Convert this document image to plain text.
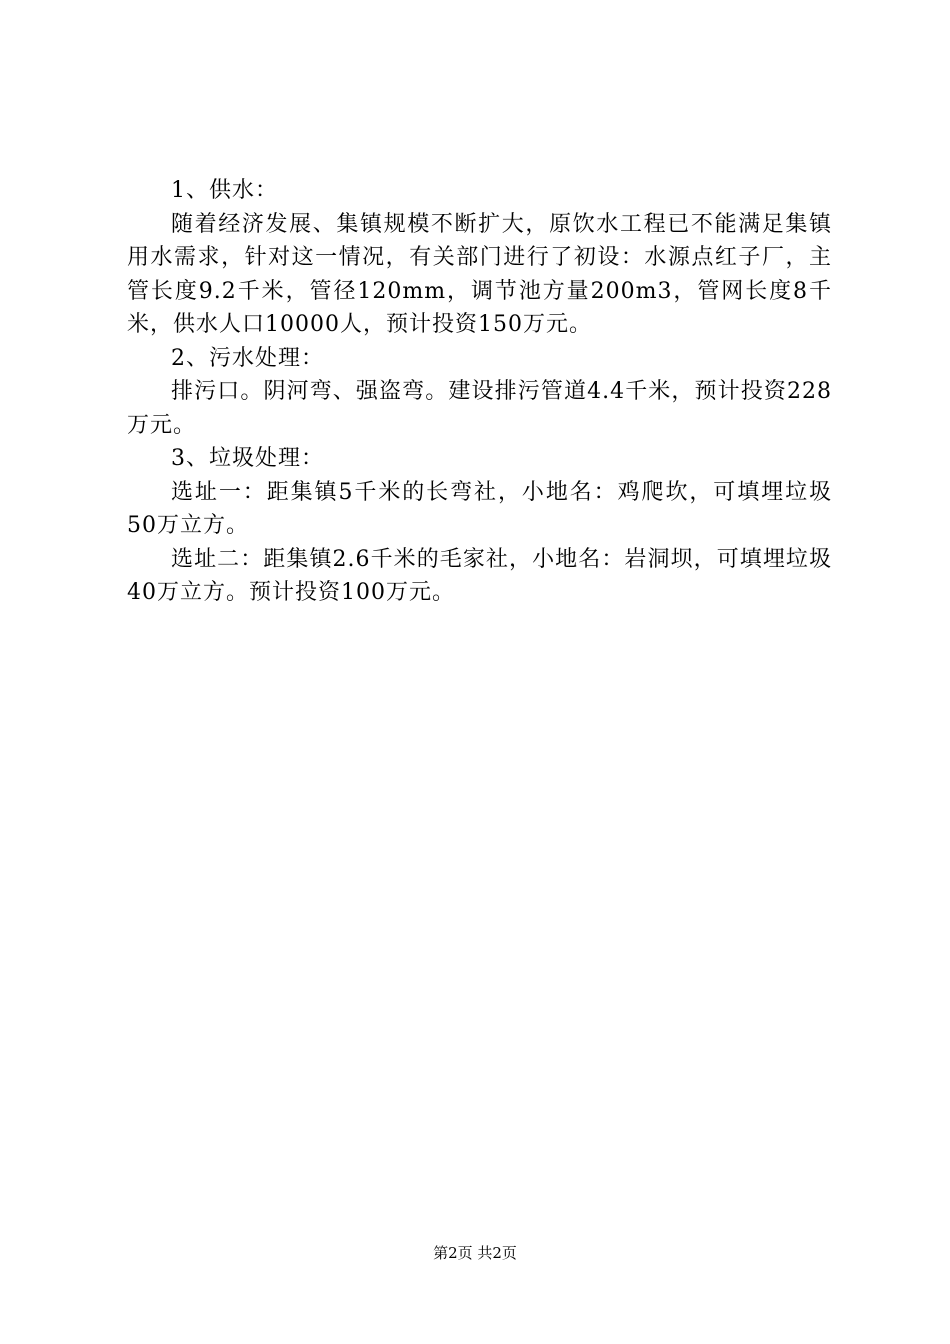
1、供水：

随着经济发展、集镇规模不断扩大，原饮水工程已不能满足集镇用水需求，针对这一情况，有关部门进行了初设：水源点红子厂，主管长度9.2千米，管径120mm，调节池方量200m3，管网长度8千米，供水人口10000人，预计投资150万元。

2、污水处理：

排污口。阴河弯、强盗弯。建设排污管道4.4千米，预计投资228万元。

3、垃圾处理：

选址一：距集镇5千米的长弯社，小地名：鸡爬坎，可填埋垃圾50万立方。

选址二：距集镇2.6千米的毛家社，小地名：岩洞坝，可填埋垃圾40万立方。预计投资100万元。

第2页 共2页
